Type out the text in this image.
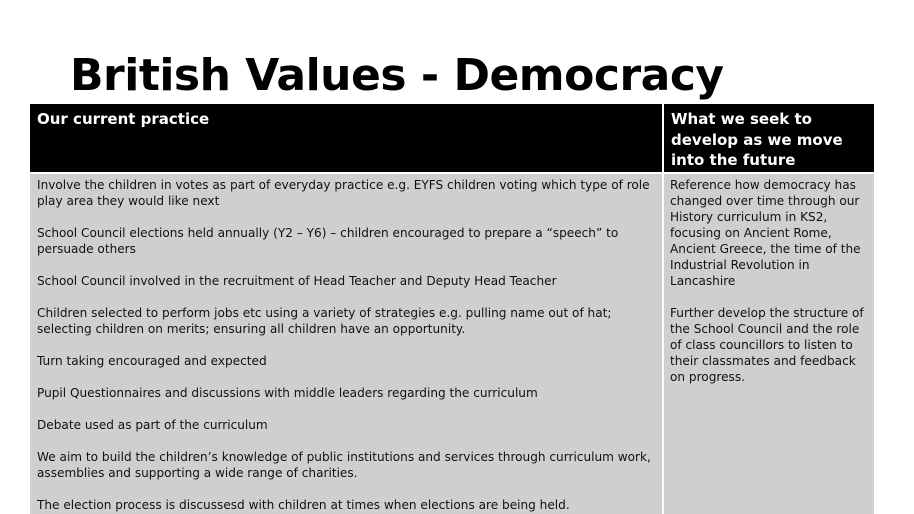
British Values - Democracy
Our current practice	What we seek to develop as we move into the future

Involve the children in votes as part of everyday practice e.g. EYFS children voting which type of role play area they would like next

School Council elections held annually (Y2 – Y6) – children encouraged to prepare a “speech” to persuade others

School Council involved in the recruitment of Head Teacher and Deputy Head Teacher

Children selected to perform jobs etc using a variety of strategies e.g. pulling name out of hat; selecting children on merits; ensuring all children have an opportunity.

Turn taking encouraged and expected

Pupil Questionnaires and discussions with middle leaders regarding the curriculum

Debate used as part of the curriculum

We aim to build the children’s knowledge of public institutions and services through curriculum work, assemblies and supporting a wide range of charities.

The election process is discussesd with children at times when elections are being held.

Reference how democracy has changed over time through our History curriculum in KS2, focusing on Ancient Rome, Ancient Greece, the time of the Industrial Revolution in Lancashire

Further develop the structure of the School Council and the role of class councillors to listen to their classmates and feedback on progress.
